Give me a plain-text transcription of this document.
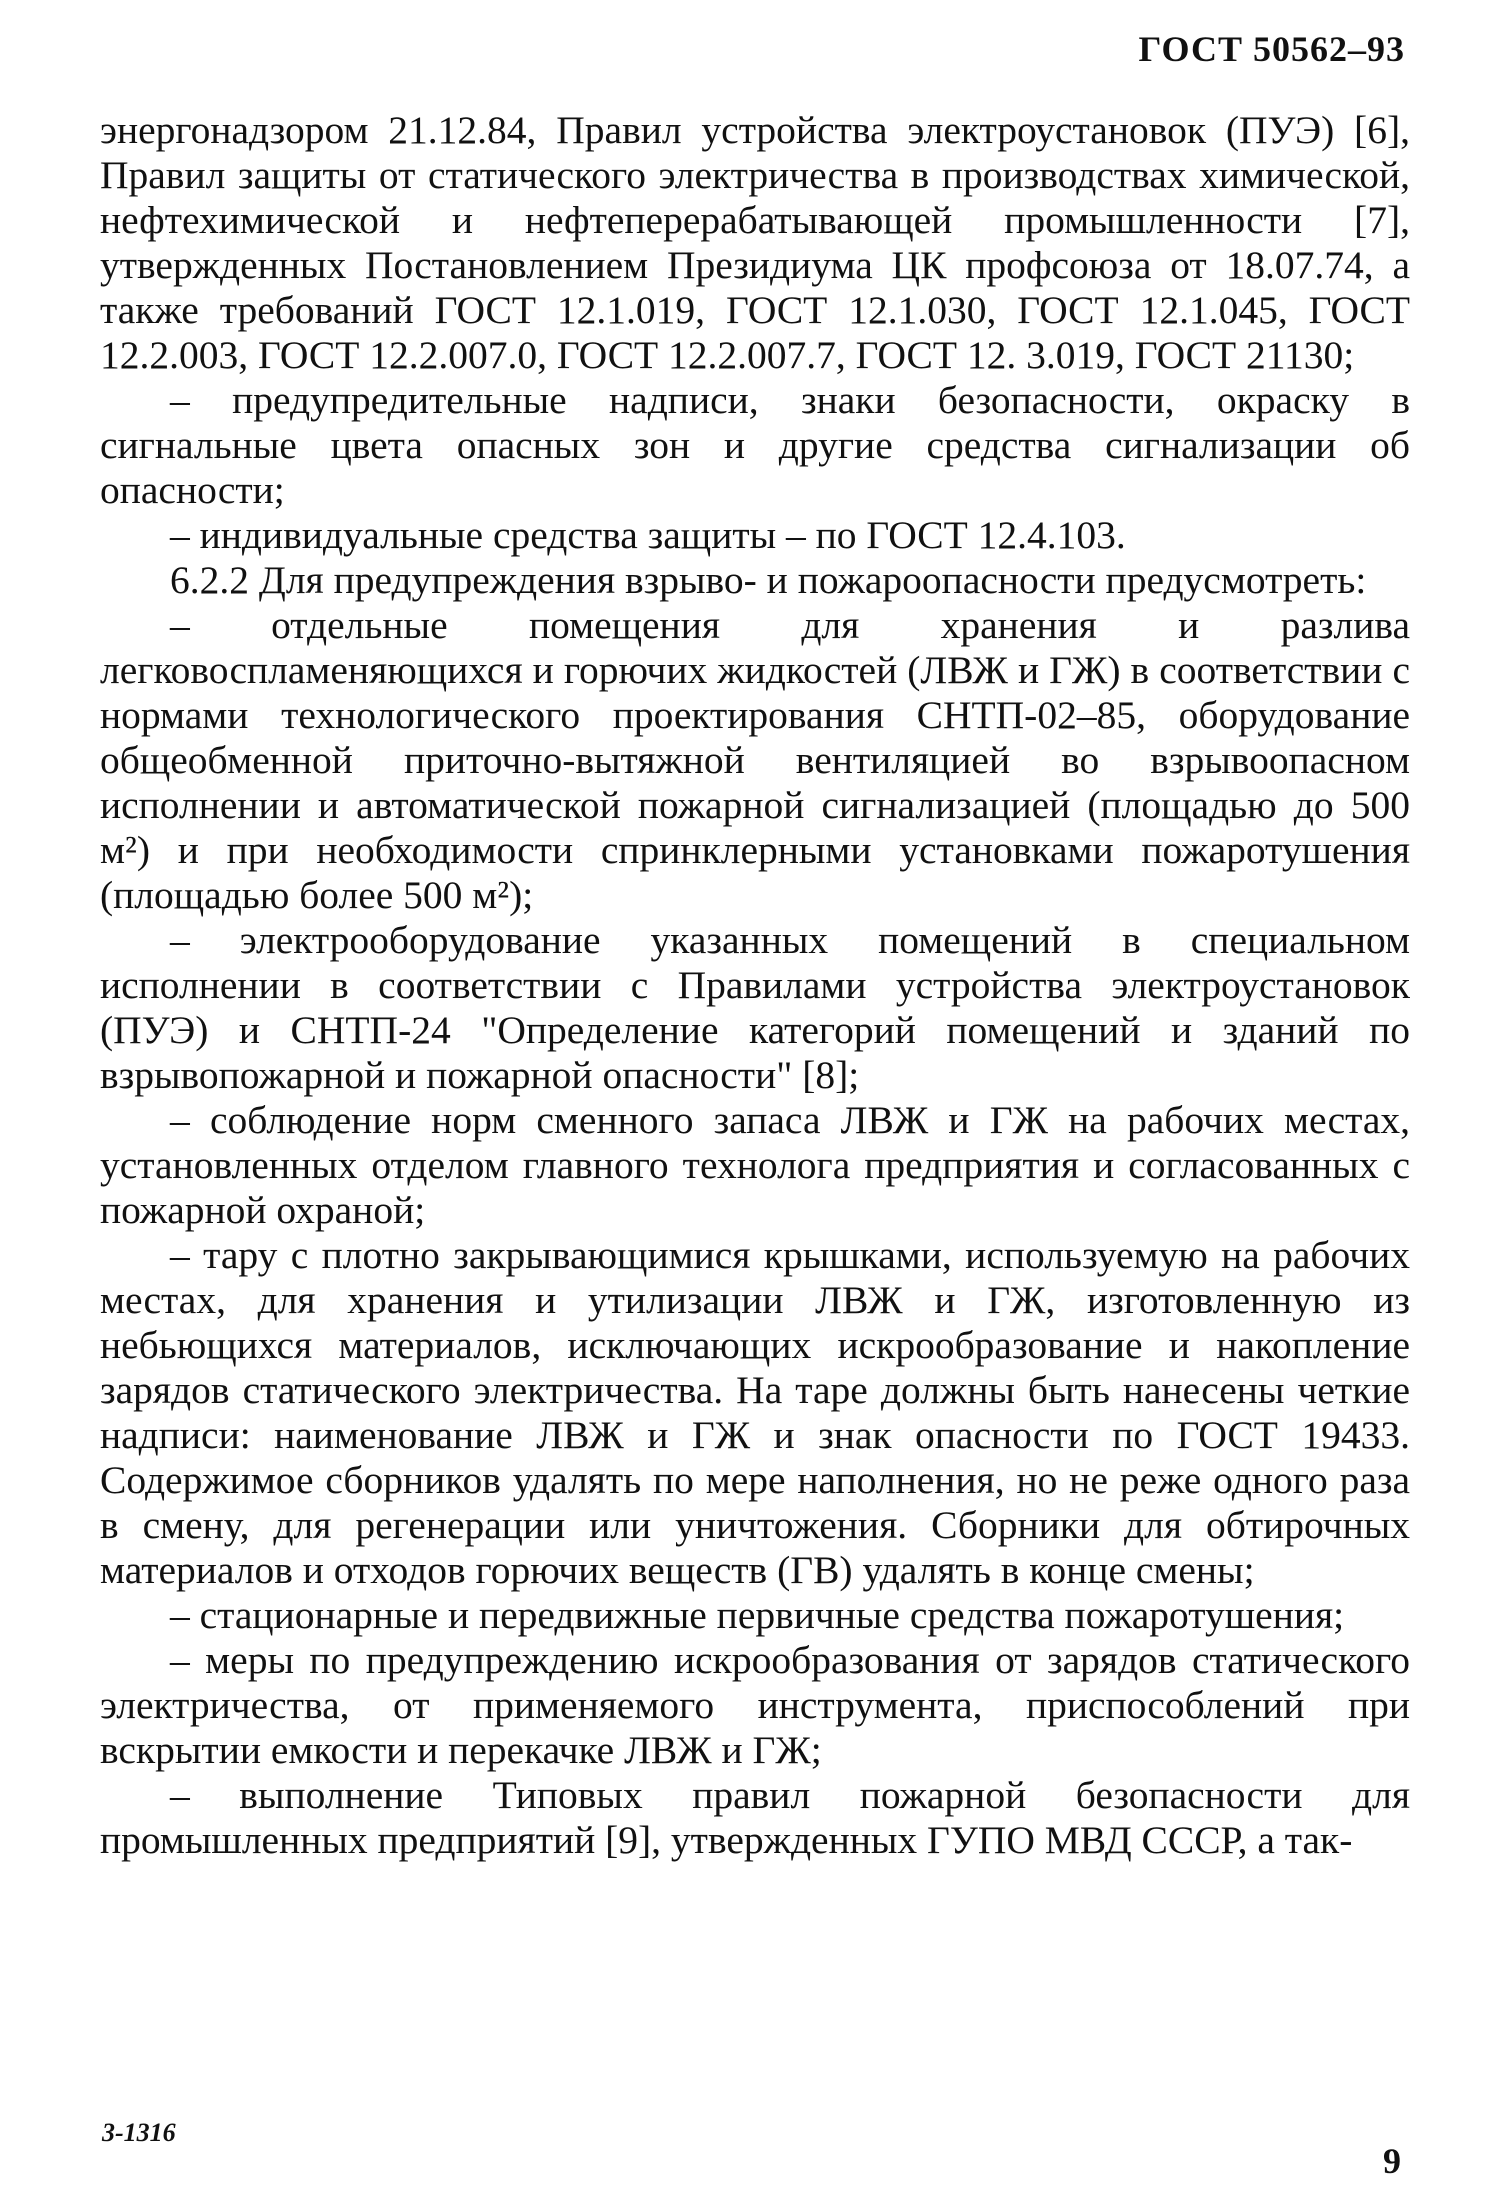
ГОСТ 50562–93

энергонадзором 21.12.84, Правил устройства электроустановок (ПУЭ) [6], Правил защиты от статического электричества в производствах химической, нефтехимической и нефтеперерабатывающей промышленности [7], утвержденных Постановлением Президиума ЦК профсоюза от 18.07.74, а также требований ГОСТ 12.1.019, ГОСТ 12.1.030, ГОСТ 12.1.045, ГОСТ 12.2.003, ГОСТ 12.2.007.0, ГОСТ 12.2.007.7, ГОСТ 12. 3.019, ГОСТ 21130;

– предупредительные надписи, знаки безопасности, окраску в сигнальные цвета опасных зон и другие средства сигнализации об опасности;

– индивидуальные средства защиты – по ГОСТ 12.4.103.

6.2.2 Для предупреждения взрыво- и пожароопасности предусмотреть:

– отдельные помещения для хранения и разлива легковоспламеняющихся и горючих жидкостей (ЛВЖ и ГЖ) в соответствии с нормами технологического проектирования СНТП-02–85, оборудование общеобменной приточно-вытяжной вентиляцией во взрывоопасном исполнении и автоматической пожарной сигнализацией (площадью до 500 м²) и при необходимости спринклерными установками пожаротушения (площадью более 500 м²);

– электрооборудование указанных помещений в специальном исполнении в соответствии с Правилами устройства электроустановок (ПУЭ) и СНТП-24 "Определение категорий помещений и зданий по взрывопожарной и пожарной опасности" [8];

– соблюдение норм сменного запаса ЛВЖ и ГЖ на рабочих местах, установленных отделом главного технолога предприятия и согласованных с пожарной охраной;

– тару с плотно закрывающимися крышками, используемую на рабочих местах, для хранения и утилизации ЛВЖ и ГЖ, изготовленную из небьющихся материалов, исключающих искрообразование и накопление зарядов статического электричества. На таре должны быть нанесены четкие надписи: наименование ЛВЖ и ГЖ и знак опасности по ГОСТ 19433. Содержимое сборников удалять по мере наполнения, но не реже одного раза в смену, для регенерации или уничтожения. Сборники для обтирочных материалов и отходов горючих веществ (ГВ) удалять в конце смены;

– стационарные и передвижные первичные средства пожаротушения;

– меры по предупреждению искрообразования от зарядов статического электричества, от применяемого инструмента, приспособлений при вскрытии емкости и перекачке ЛВЖ и ГЖ;

– выполнение Типовых правил пожарной безопасности для промышленных предприятий [9], утвержденных ГУПО МВД СССР, а так-

3-1316
9
